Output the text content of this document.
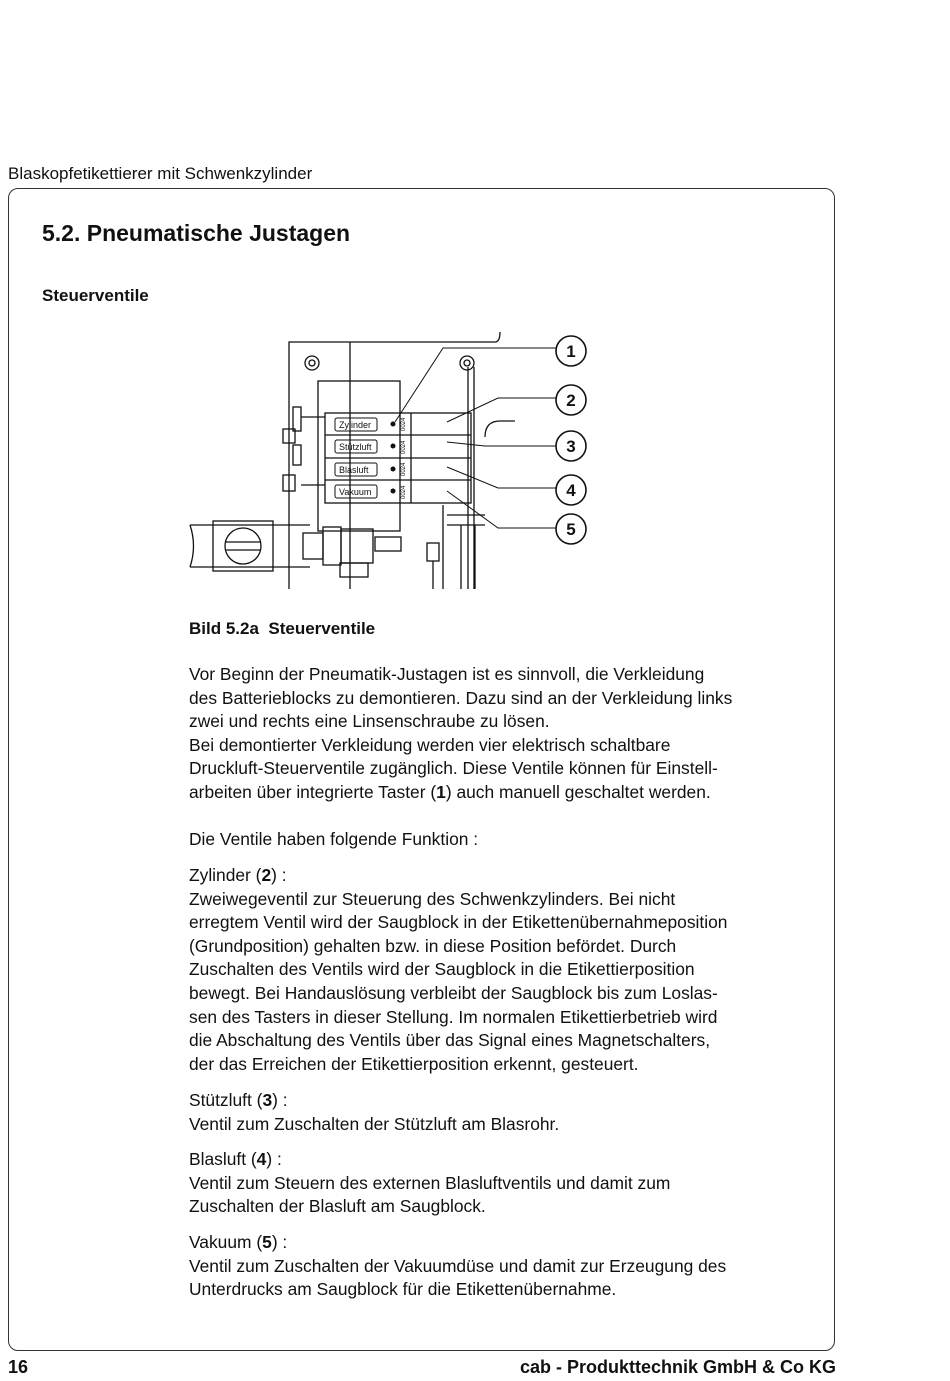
Blaskopfetikettierer mit Schwenkzylinder
5.2. Pneumatische Justagen
Steuerventile
Zylinder
Stützluft
Blasluft
Vakuum
0024
0024
0024
0024
1
2
3
4
5
Bild 5.2a  Steuerventile

Vor Beginn der Pneumatik-Justagen ist es sinnvoll, die Verkleidung

des Batterieblocks zu demontieren. Dazu sind an der Verkleidung links

zwei und rechts eine Linsenschraube zu lösen.

Bei demontierter Verkleidung werden vier elektrisch schaltbare

Druckluft-Steuerventile zugänglich. Diese Ventile können für Einstell-

arbeiten über integrierte Taster (1) auch manuell geschaltet werden.

Die Ventile haben folgende Funktion :

Zylinder (2) :

Zweiwegeventil zur Steuerung des Schwenkzylinders. Bei nicht

erregtem Ventil wird der Saugblock in der Etikettenübernahmeposition

(Grundposition) gehalten bzw. in diese Position befördet. Durch

Zuschalten des Ventils wird der Saugblock in die Etikettierposition

bewegt. Bei Handauslösung verbleibt der Saugblock bis zum Loslas-

sen des Tasters in dieser Stellung. Im normalen Etikettierbetrieb wird

die Abschaltung des Ventils über das Signal eines Magnetschalters,

der das Erreichen der Etikettierposition erkennt, gesteuert.

Stützluft (3) :

Ventil zum Zuschalten der Stützluft am Blasrohr.

Blasluft (4) :

Ventil zum Steuern des externen Blasluftventils und damit zum

Zuschalten der Blasluft am Saugblock.

Vakuum (5) :

Ventil zum Zuschalten der Vakuumdüse und damit zur Erzeugung des

Unterdrucks am Saugblock für die Etikettenübernahme.

16	cab - Produkttechnik GmbH & Co KG
